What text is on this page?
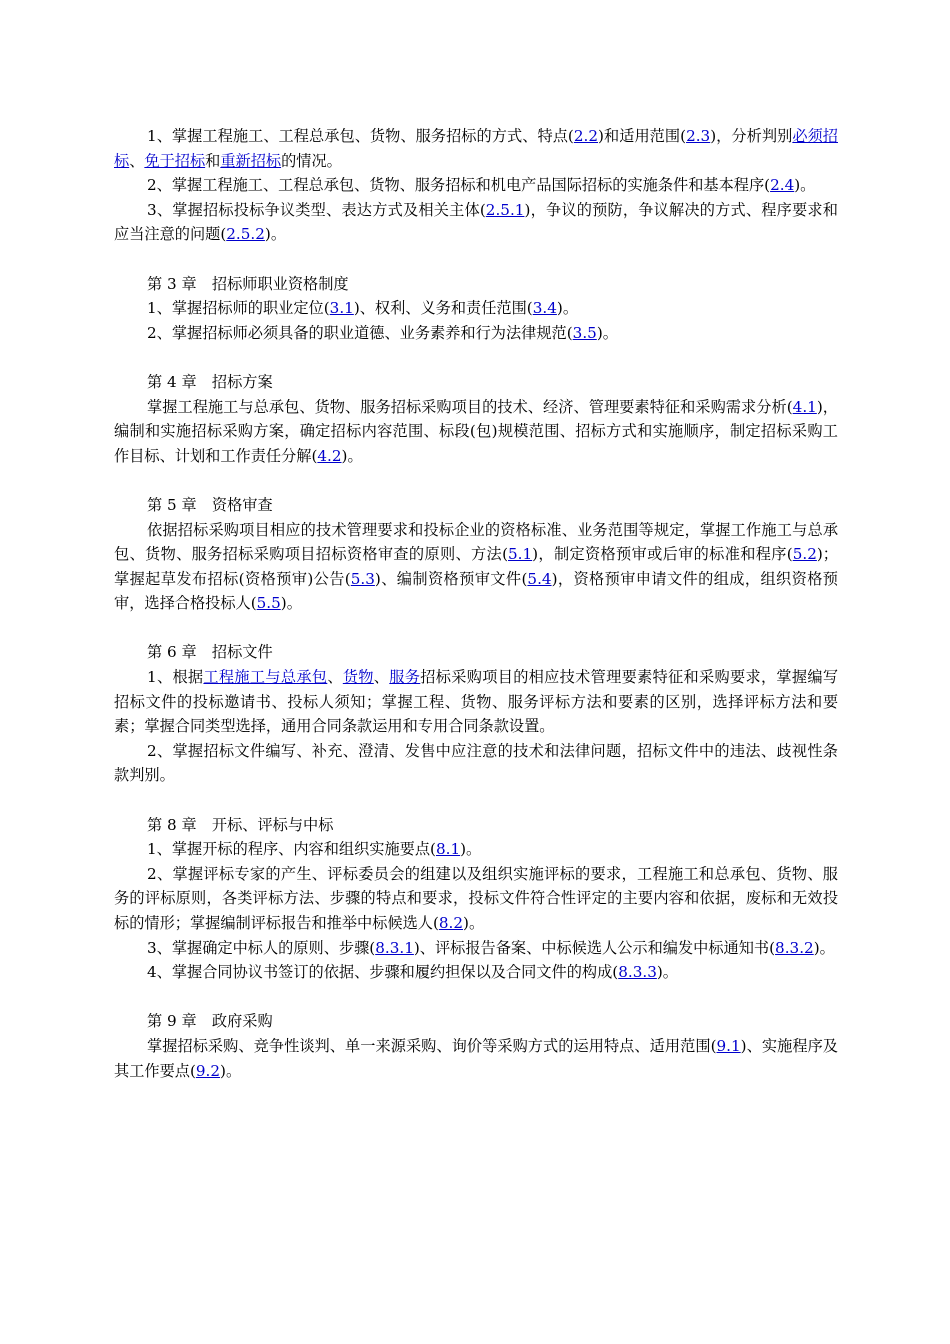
1、掌握工程施工、工程总承包、货物、服务招标的方式、特点(2.2)和适用范围(2.3)，分析判别必须招标、免于招标和重新招标的情况。

2、掌握工程施工、工程总承包、货物、服务招标和机电产品国际招标的实施条件和基本程序(2.4)。

3、掌握招标投标争议类型、表达方式及相关主体(2.5.1)，争议的预防，争议解决的方式、程序要求和应当注意的问题(2.5.2)。

第 3 章　招标师职业资格制度

1、掌握招标师的职业定位(3.1)、权利、义务和责任范围(3.4)。

2、掌握招标师必须具备的职业道德、业务素养和行为法律规范(3.5)。

第 4 章　招标方案

掌握工程施工与总承包、货物、服务招标采购项目的技术、经济、管理要素特征和采购需求分析(4.1)，编制和实施招标采购方案，确定招标内容范围、标段(包)规模范围、招标方式和实施顺序，制定招标采购工作目标、计划和工作责任分解(4.2)。

第 5 章　资格审查

依据招标采购项目相应的技术管理要求和投标企业的资格标准、业务范围等规定，掌握工作施工与总承包、货物、服务招标采购项目招标资格审查的原则、方法(5.1)，制定资格预审或后审的标准和程序(5.2)；掌握起草发布招标(资格预审)公告(5.3)、编制资格预审文件(5.4)，资格预审申请文件的组成，组织资格预审，选择合格投标人(5.5)。

第 6 章　招标文件

1、根据工程施工与总承包、货物、服务招标采购项目的相应技术管理要素特征和采购要求，掌握编写招标文件的投标邀请书、投标人须知；掌握工程、货物、服务评标方法和要素的区别，选择评标方法和要素；掌握合同类型选择，通用合同条款运用和专用合同条款设置。

2、掌握招标文件编写、补充、澄清、发售中应注意的技术和法律问题，招标文件中的违法、歧视性条款判别。

第 8 章　开标、评标与中标

1、掌握开标的程序、内容和组织实施要点(8.1)。

2、掌握评标专家的产生、评标委员会的组建以及组织实施评标的要求，工程施工和总承包、货物、服务的评标原则，各类评标方法、步骤的特点和要求，投标文件符合性评定的主要内容和依据，废标和无效投标的情形；掌握编制评标报告和推举中标候选人(8.2)。

3、掌握确定中标人的原则、步骤(8.3.1)、评标报告备案、中标候选人公示和编发中标通知书(8.3.2)。

4、掌握合同协议书签订的依据、步骤和履约担保以及合同文件的构成(8.3.3)。

第 9 章　政府采购

掌握招标采购、竞争性谈判、单一来源采购、询价等采购方式的运用特点、适用范围(9.1)、实施程序及其工作要点(9.2)。
